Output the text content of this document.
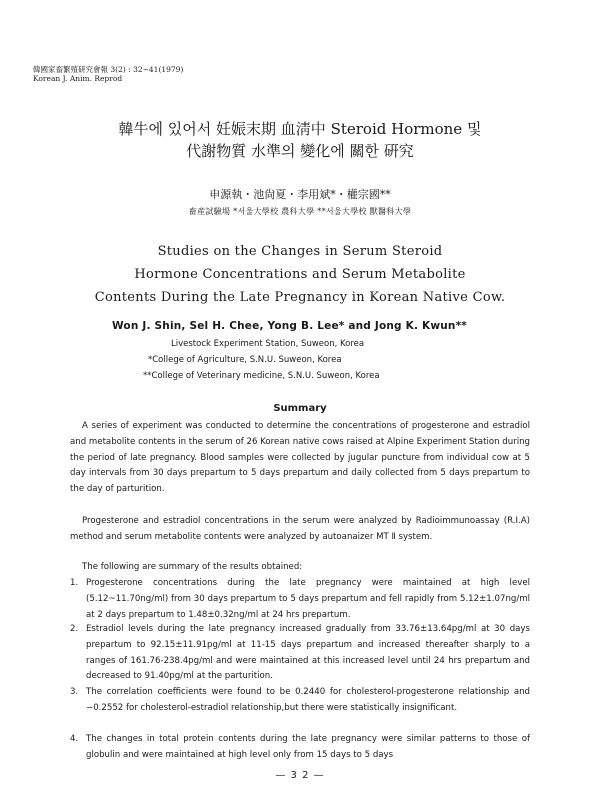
韓國家畜繁殖研究會報 3(2) : 32~41(1979)
Korean J. Anim. Reprod
韓牛에 있어서 妊娠末期 血淸中 Steroid Hormone 및
代謝物質 水準의 變化에 關한 硏究
申源執・池尙夏・李用斌*・權宗國**
畜産試驗場 *서울大學校 農科大學 **서울大學校 獸醫科大學
Studies on the Changes in Serum Steroid
Hormone Concentrations and Serum Metabolite
Contents During the Late Pregnancy in Korean Native Cow.
Won J. Shin, Sel H. Chee, Yong B. Lee* and Jong K. Kwun**
Livestock Experiment Station, Suweon, Korea
*College of Agriculture, S.N.U. Suweon, Korea
**College of Veterinary medicine, S.N.U. Suweon, Korea
Summary
A series of experiment was conducted to determine the concentrations of progesterone and estradiol and metabolite contents in the serum of 26 Korean native cows raised at Alpine Experiment Station during the period of late pregnancy. Blood samples were collected by jugular puncture from individual cow at 5 day intervals from 30 days prepartum to 5 days prepartum and daily collected from 5 days prepartum to the day of parturition.
Progesterone and estradiol concentrations in the serum were analyzed by Radioimmunoassay (R.I.A) method and serum metabolite contents were analyzed by autoanaizer MT Ⅱ system.
The following are summary of the results obtained:
1. Progesterone concentrations during the late pregnancy were maintained at high level (5.12~11.70ng/ml) from 30 days prepartum to 5 days prepartum and fell rapidly from 5.12±1.07ng/ml at 2 days prepartum to 1.48±0.32ng/ml at 24 hrs prepartum.
2. Estradiol levels during the late pregnancy increased gradually from 33.76±13.64pg/ml at 30 days prepartum to 92.15±11.91pg/ml at 11-15 days prepartum and increased thereafter sharply to a ranges of 161.76-238.4pg/ml and were maintained at this increased level until 24 hrs prepartum and decreased to 91.40pg/ml at the parturition.
3. The correlation coefficients were found to be 0.2440 for cholesterol-progesterone relationship and −0.2552 for cholesterol-estradiol relationship,but there were statistically insignificant.
4. The changes in total protein contents during the late pregnancy were similar patterns to those of globulin and were maintained at high level only from 15 days to 5 days
— 3 2 —
